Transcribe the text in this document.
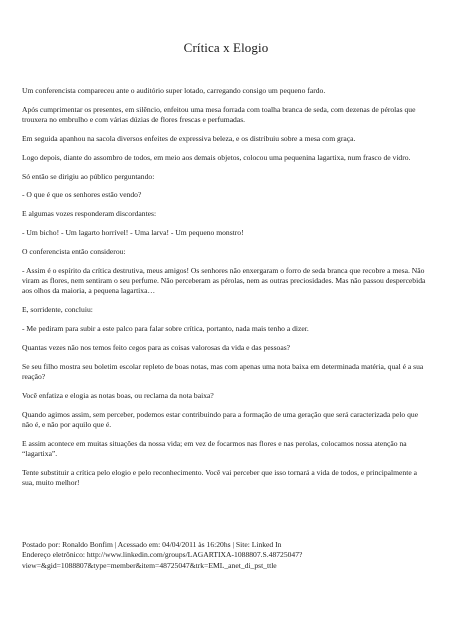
Crítica x Elogio

Um conferencista compareceu ante o auditório super lotado, carregando consigo um pequeno fardo.

Após cumprimentar os presentes, em silêncio, enfeitou uma mesa forrada com toalha branca de seda, com dezenas de pérolas que trouxera no embrulho e com várias dúzias de flores frescas e perfumadas.

Em seguida apanhou na sacola diversos enfeites de expressiva beleza, e os distribuiu sobre a mesa com graça.

Logo depois, diante do assombro de todos, em meio aos demais objetos, colocou uma pequenina lagartixa, num frasco de vidro.

Só então se dirigiu ao público perguntando:

- O que é que os senhores estão vendo?

E algumas vozes responderam discordantes:

- Um bicho! - Um lagarto horrível! - Uma larva! - Um pequeno monstro!

O conferencista então considerou:

- Assim é o espírito da crítica destrutiva, meus amigos! Os senhores não enxergaram o forro de seda branca que recobre a mesa. Não viram as flores, nem sentiram o seu perfume. Não perceberam as pérolas, nem as outras preciosidades. Mas não passou despercebida aos olhos da maioria, a pequena lagartixa…

E, sorridente, concluiu:

- Me pediram para subir a este palco para falar sobre crítica, portanto, nada mais tenho a dizer.

Quantas vezes não nos temos feito cegos para as coisas valorosas da vida e das pessoas?

Se seu filho mostra seu boletim escolar repleto de boas notas, mas com apenas uma nota baixa em determinada matéria, qual é a sua reação?

Você enfatiza e elogia as notas boas, ou reclama da nota baixa?

Quando agimos assim, sem perceber, podemos estar contribuindo para a formação de uma geração que será caracterizada pelo que não é, e não por aquilo que é.

E assim acontece em muitas situações da nossa vida; em vez de focarmos nas flores e nas perolas, colocamos nossa atenção na “lagartixa”.

Tente substituir a crítica pelo elogio e pelo reconhecimento. Você vai perceber que isso tornará a vida de todos, e principalmente a sua, muito melhor!

Postado por: Ronaldo Bonfim | Acessado em: 04/04/2011 às 16:20hs | Site: Linked In
Endereço eletrônico: http://www.linkedin.com/groups/LAGARTIXA-1088807.S.48725047?
view=&gid=1088807&type=member&item=48725047&trk=EML_anet_di_pst_ttle
